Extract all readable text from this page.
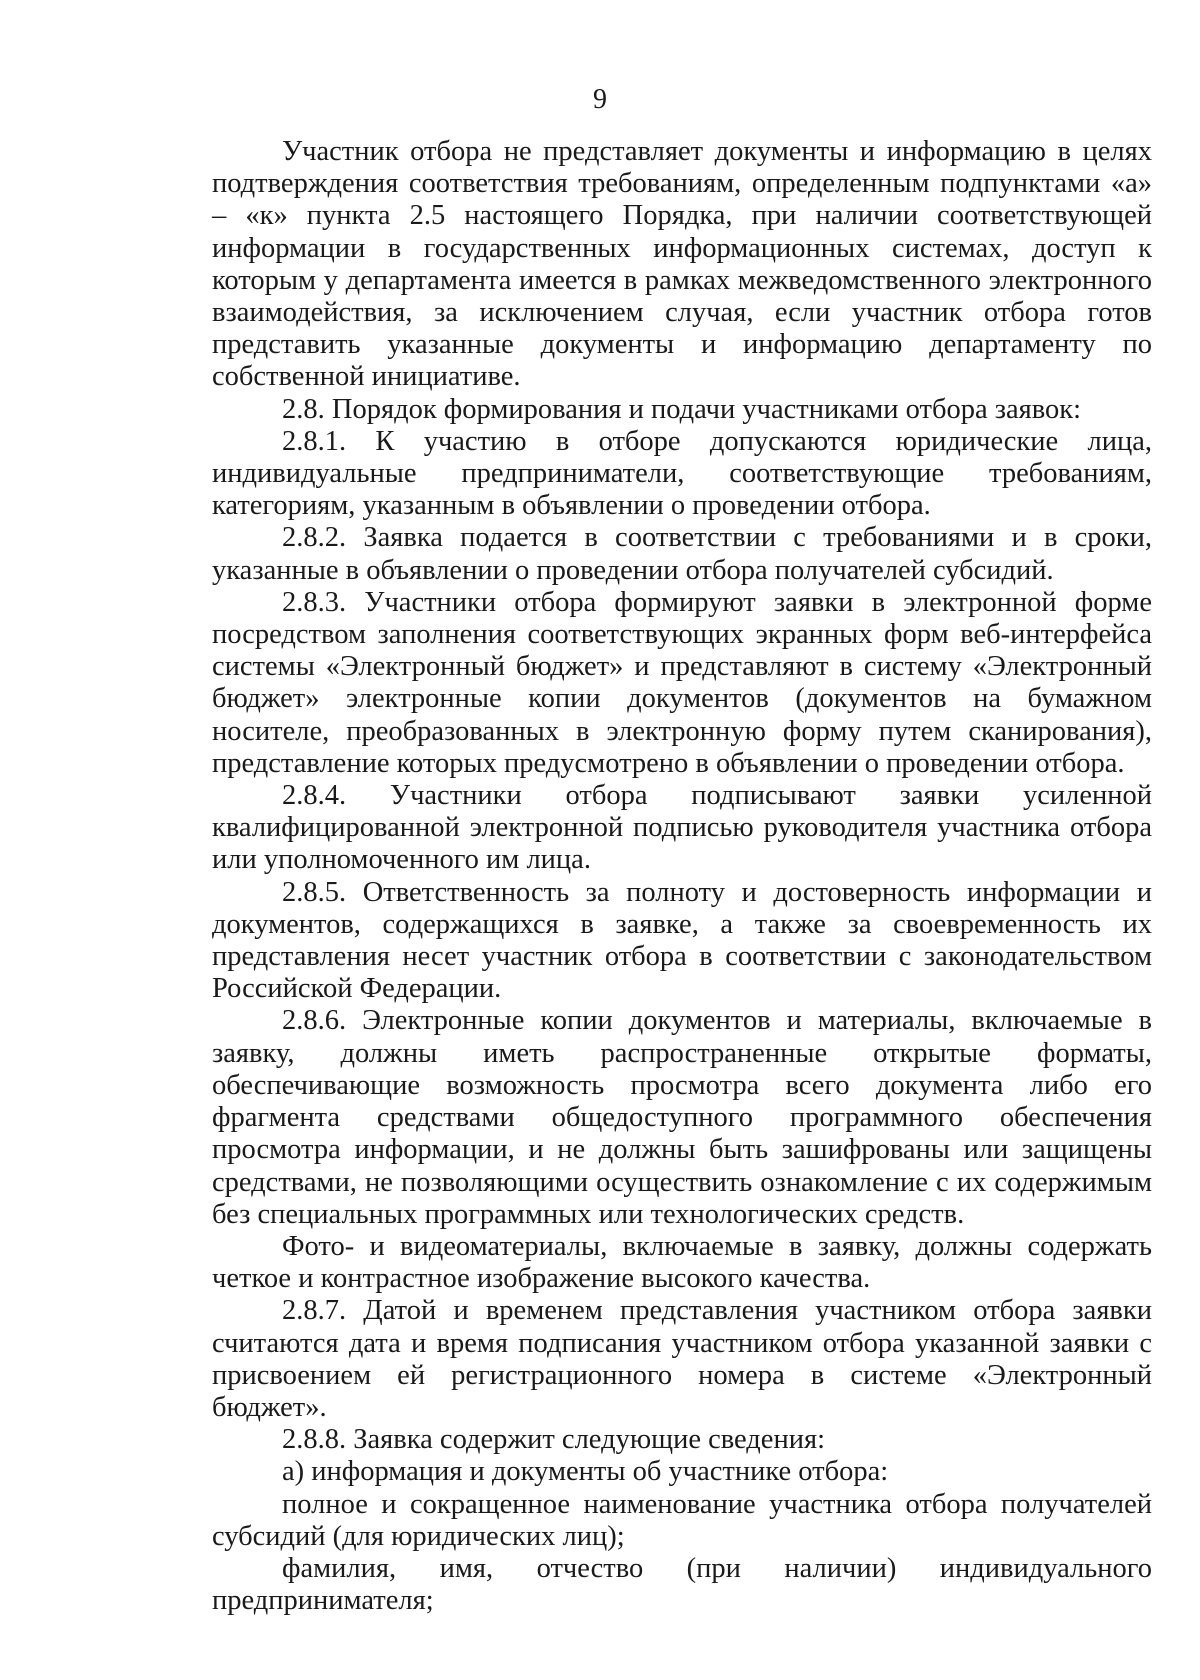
9

Участник отбора не представляет документы и информацию в целях подтверждения соответствия требованиям, определенным подпунктами «а» – «к» пункта 2.5 настоящего Порядка, при наличии соответствующей информации в государственных информационных системах, доступ к которым у департамента имеется в рамках межведомственного электронного взаимодействия, за исключением случая, если участник отбора готов представить указанные документы и информацию департаменту по собственной инициативе.

2.8. Порядок формирования и подачи участниками отбора заявок:

2.8.1. К участию в отборе допускаются юридические лица, индивидуальные предприниматели, соответствующие требованиям, категориям, указанным в объявлении о проведении отбора.

2.8.2. Заявка подается в соответствии с требованиями и в сроки, указанные в объявлении о проведении отбора получателей субсидий.

2.8.3. Участники отбора формируют заявки в электронной форме посредством заполнения соответствующих экранных форм веб-интерфейса системы «Электронный бюджет» и представляют в систему «Электронный бюджет» электронные копии документов (документов на бумажном носителе, преобразованных в электронную форму путем сканирования), представление которых предусмотрено в объявлении о проведении отбора.

2.8.4. Участники отбора подписывают заявки усиленной квалифицированной электронной подписью руководителя участника отбора или уполномоченного им лица.

2.8.5. Ответственность за полноту и достоверность информации и документов, содержащихся в заявке, а также за своевременность их представления несет участник отбора в соответствии с законодательством Российской Федерации.

2.8.6. Электронные копии документов и материалы, включаемые в заявку, должны иметь распространенные открытые форматы, обеспечивающие возможность просмотра всего документа либо его фрагмента средствами общедоступного программного обеспечения просмотра информации, и не должны быть зашифрованы или защищены средствами, не позволяющими осуществить ознакомление с их содержимым без специальных программных или технологических средств.

Фото- и видеоматериалы, включаемые в заявку, должны содержать четкое и контрастное изображение высокого качества.

2.8.7. Датой и временем представления участником отбора заявки считаются дата и время подписания участником отбора указанной заявки с присвоением ей регистрационного номера в системе «Электронный бюджет».

2.8.8. Заявка содержит следующие сведения:

а) информация и документы об участнике отбора:

полное и сокращенное наименование участника отбора получателей субсидий (для юридических лиц);

фамилия, имя, отчество (при наличии) индивидуального предпринимателя;
